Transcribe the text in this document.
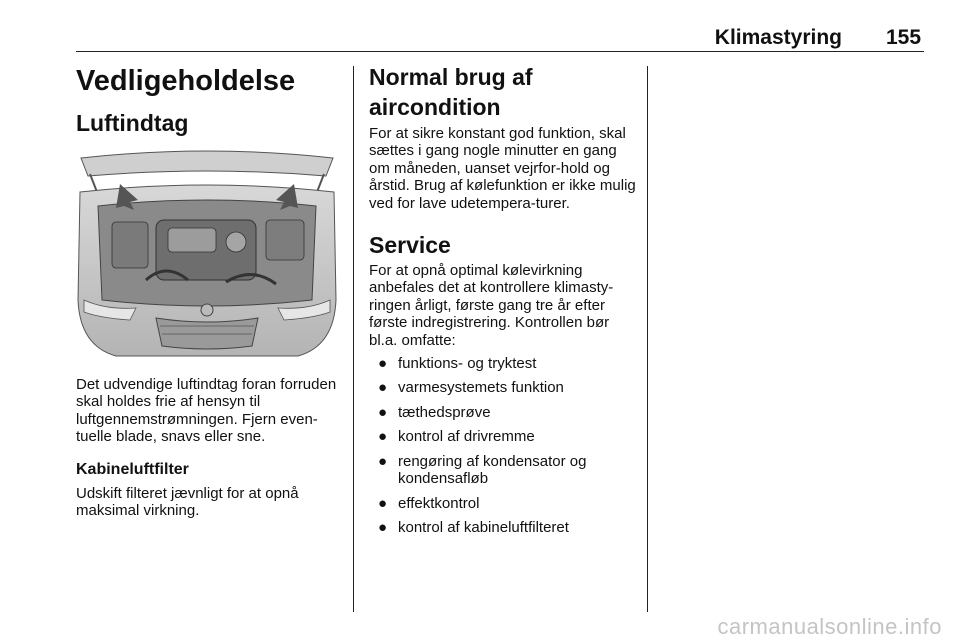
Klimastyring 155
Vedligeholdelse
Luftindtag

Det udvendige luftindtag foran forruden skal holdes frie af hensyn til luftgennemstrømningen. Fjern even-tuelle blade, snavs eller sne.

Kabineluftfilter

Udskift filteret jævnligt for at opnå maksimal virkning.

Normal brug af aircondition

For at sikre konstant god funktion, skal sættes i gang nogle minutter en gang om måneden, uanset vejrfor-hold og årstid. Brug af kølefunktion er ikke mulig ved for lave udetempera-turer.

Service

For at opnå optimal kølevirkning anbefales det at kontrollere klimasty-ringen årligt, første gang tre år efter første indregistrering. Kontrollen bør bl.a. omfatte:

● funktions- og tryktest
● varmesystemets funktion
● tæthedsprøve
● kontrol af drivremme
● rengøring af kondensator og kondensafløb
● effektkontrol
● kontrol af kabineluftfilteret
carmanualsonline.info
